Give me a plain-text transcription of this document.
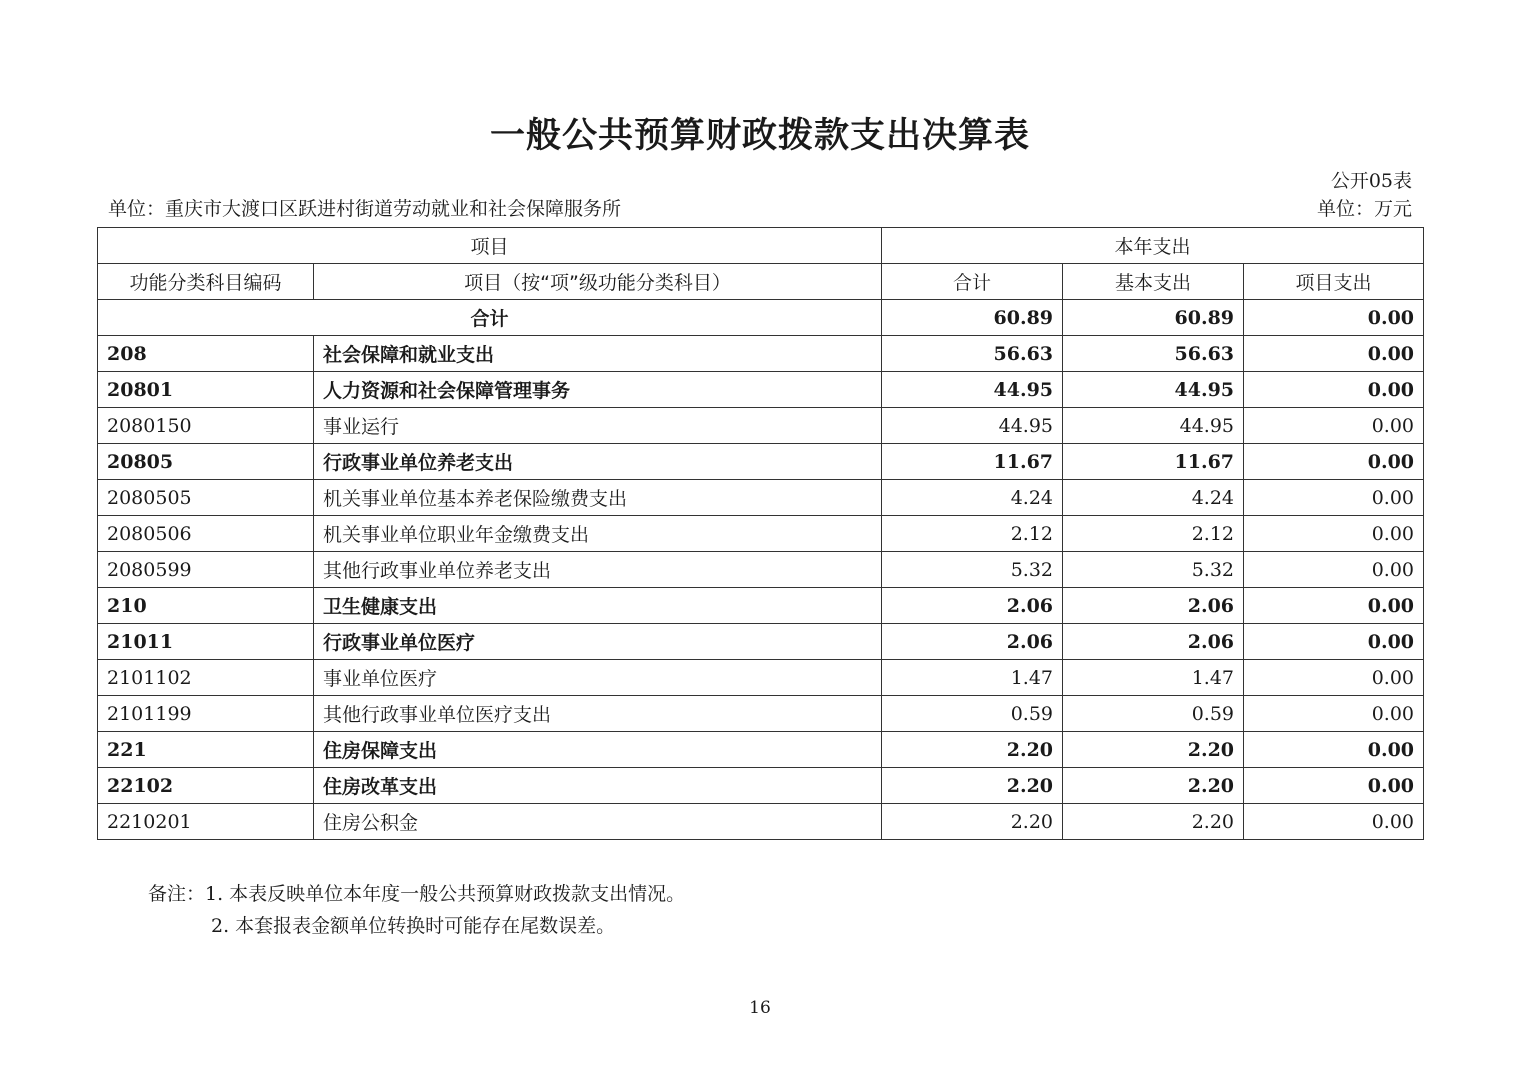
一般公共预算财政拨款支出决算表
公开05表
单位：重庆市大渡口区跃进村街道劳动就业和社会保障服务所	单位：万元
项目		本年支出		
功能分类科目编码	项目（按“项”级功能分类科目）	合计	基本支出	项目支出
合计		60.89	60.89	0.00
208	社会保障和就业支出	56.63	56.63	0.00
20801	人力资源和社会保障管理事务	44.95	44.95	0.00
2080150	事业运行	44.95	44.95	0.00
20805	行政事业单位养老支出	11.67	11.67	0.00
2080505	机关事业单位基本养老保险缴费支出	4.24	4.24	0.00
2080506	机关事业单位职业年金缴费支出	2.12	2.12	0.00
2080599	其他行政事业单位养老支出	5.32	5.32	0.00
210	卫生健康支出	2.06	2.06	0.00
21011	行政事业单位医疗	2.06	2.06	0.00
2101102	事业单位医疗	1.47	1.47	0.00
2101199	其他行政事业单位医疗支出	0.59	0.59	0.00
221	住房保障支出	2.20	2.20	0.00
22102	住房改革支出	2.20	2.20	0.00
2210201	住房公积金	2.20	2.20	0.00
备注：1. 本表反映单位本年度一般公共预算财政拨款支出情况。
2. 本套报表金额单位转换时可能存在尾数误差。
16
